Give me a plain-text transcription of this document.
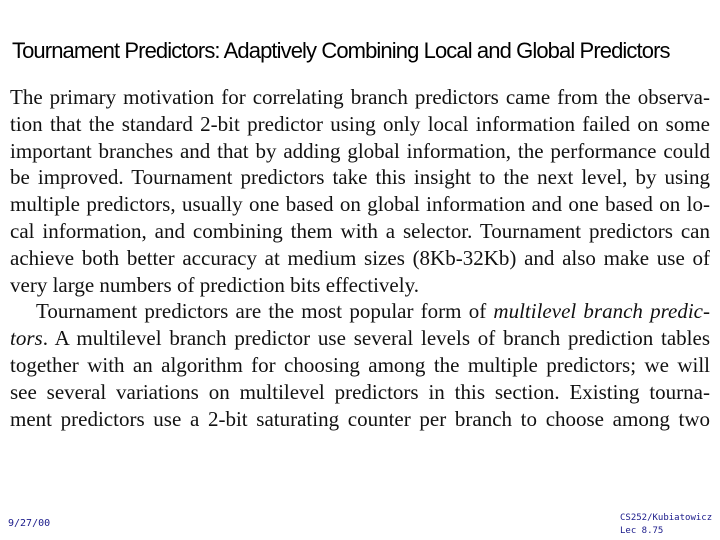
Tournament Predictors: Adaptively Combining Local and Global Predictors
The primary motivation for correlating branch predictors came from the observa-
tion that the standard 2-bit predictor using only local information failed on some
important branches and that by adding global information, the performance could
be improved. Tournament predictors take this insight to the next level, by using
multiple predictors, usually one based on global information and one based on lo-
cal information, and combining them with a selector. Tournament predictors can
achieve both better accuracy at medium sizes (8Kb-32Kb) and also make use of
very large numbers of prediction bits effectively.
Tournament predictors are the most popular form of multilevel branch predic-
tors. A multilevel branch predictor use several levels of branch prediction tables
together with an algorithm for choosing among the multiple predictors; we will
see several variations on multilevel predictors in this section. Existing tourna-
ment predictors use a 2-bit saturating counter per branch to choose among two
9/27/00	CS252/Kubiatowicz
Lec 8.75
